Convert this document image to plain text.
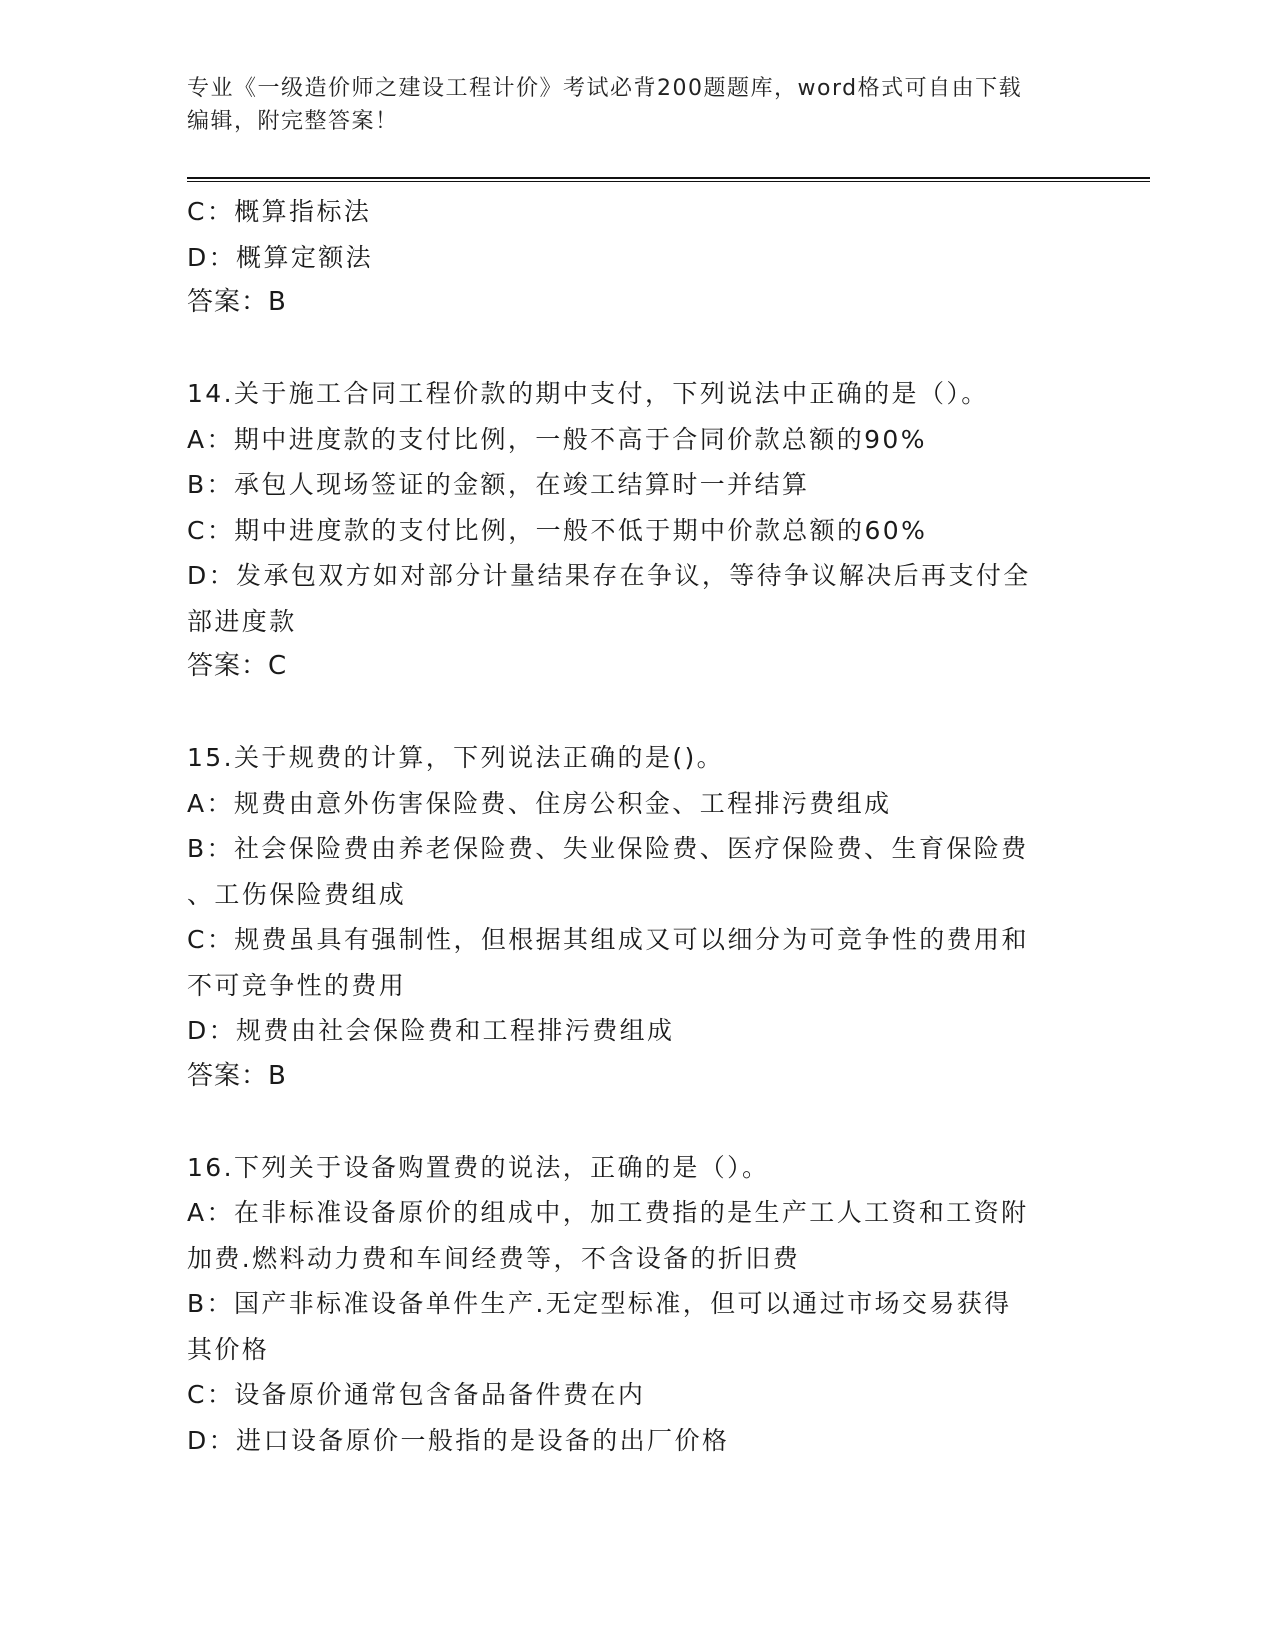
专业《一级造价师之建设工程计价》考试必背200题题库，word格式可自由下载
编辑，附完整答案！
C：概算指标法
D：概算定额法
答案：B
14.关于施工合同工程价款的期中支付，下列说法中正确的是（）。
A：期中进度款的支付比例，一般不高于合同价款总额的90%
B：承包人现场签证的金额，在竣工结算时一并结算
C：期中进度款的支付比例，一般不低于期中价款总额的60%
D：发承包双方如对部分计量结果存在争议，等待争议解决后再支付全
部进度款
答案：C
15.关于规费的计算，下列说法正确的是()。
A：规费由意外伤害保险费、住房公积金、工程排污费组成
B：社会保险费由养老保险费、失业保险费、医疗保险费、生育保险费
、工伤保险费组成
C：规费虽具有强制性，但根据其组成又可以细分为可竞争性的费用和
不可竞争性的费用
D：规费由社会保险费和工程排污费组成
答案：B
16.下列关于设备购置费的说法，正确的是（）。
A：在非标准设备原价的组成中，加工费指的是生产工人工资和工资附
加费.燃料动力费和车间经费等，不含设备的折旧费
B：国产非标准设备单件生产.无定型标准，但可以通过市场交易获得
其价格
C：设备原价通常包含备品备件费在内
D：进口设备原价一般指的是设备的出厂价格
